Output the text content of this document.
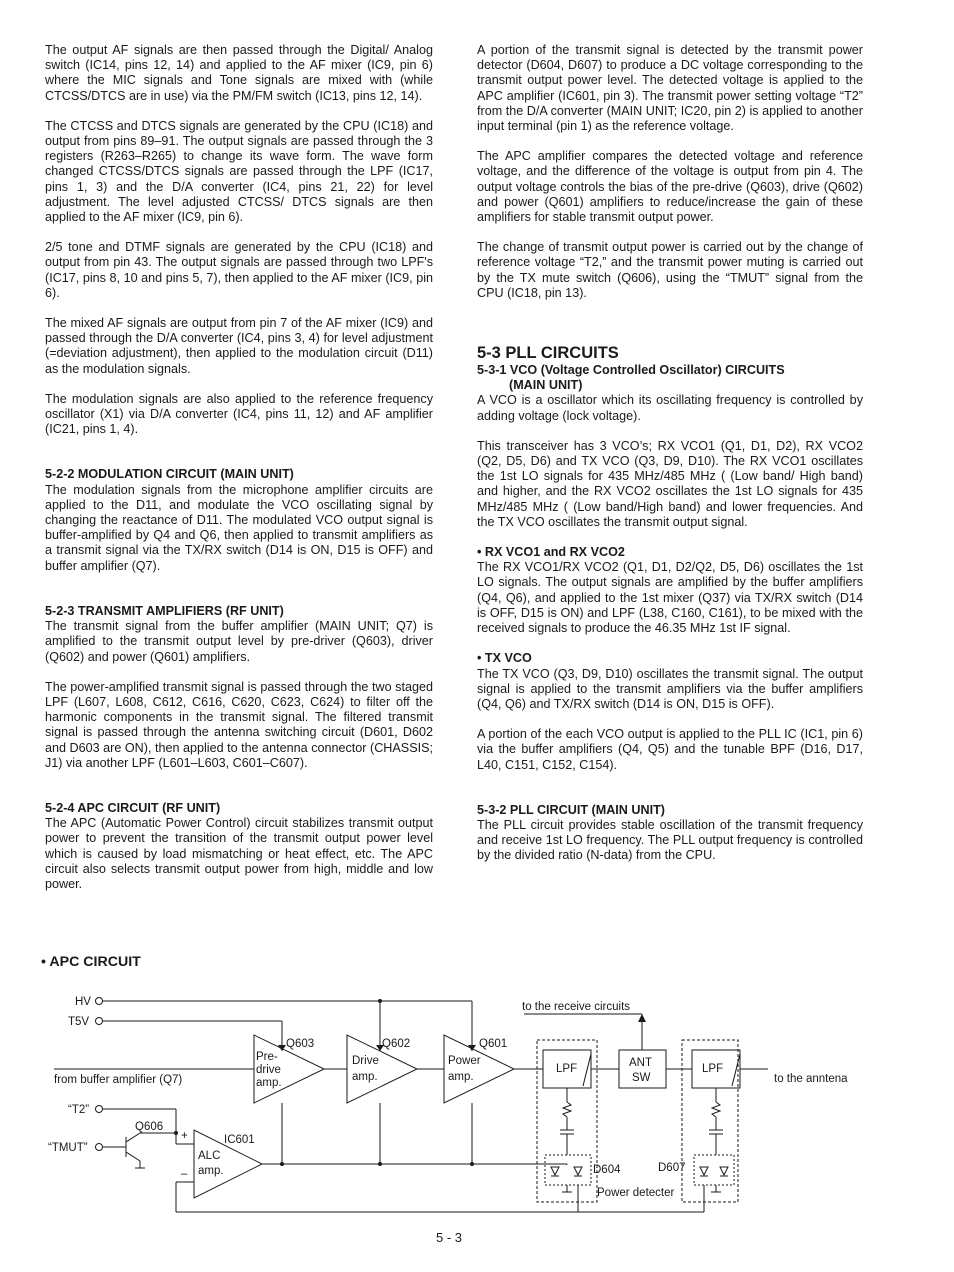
The output AF signals are then passed through the Digital/ Analog switch (IC14, pins 12, 14) and applied to the AF mixer (IC9, pin 6) where the MIC signals and Tone signals are mixed with (while CTCSS/DTCS are in use) via the PM/FM switch (IC13, pins 12, 14).

The CTCSS and DTCS signals are generated by the CPU (IC18) and output from pins 89–91. The output signals are passed through the 3 registers (R263–R265) to change its wave form. The wave form changed CTCSS/DTCS signals are passed through the LPF (IC17, pins 1, 3) and the D/A converter (IC4, pins 21, 22) for level adjustment. The level adjusted CTCSS/ DTCS signals are then applied to the AF mixer (IC9, pin 6).

2/5 tone and DTMF signals are generated by the CPU (IC18) and output from pin 43. The output signals are passed through two LPF's (IC17, pins 8, 10 and pins 5, 7), then applied to the AF mixer (IC9, pin 6).

The mixed AF signals are output from pin 7 of the AF mixer (IC9) and passed through the D/A converter (IC4, pins 3, 4) for level adjustment (=deviation adjustment), then applied to the modulation circuit (D11) as the modulation signals.

The modulation signals are also applied to the reference frequency oscillator (X1) via D/A converter (IC4, pins 11, 12) and AF amplifier (IC21, pins 1, 4).

5-2-2 MODULATION CIRCUIT (MAIN UNIT)

The modulation signals from the microphone amplifier circuits are applied to the D11, and modulate the VCO oscillating signal by changing the reactance of D11. The modulated VCO output signal is buffer-amplified by Q4 and Q6, then applied to transmit amplifiers as a transmit signal via the TX/RX switch (D14 is ON, D15 is OFF) and buffer amplifier (Q7).

5-2-3 TRANSMIT AMPLIFIERS (RF UNIT)

The transmit signal from the buffer amplifier (MAIN UNIT; Q7) is amplified to the transmit output level by pre-driver (Q603), driver (Q602) and power (Q601) amplifiers.

The power-amplified transmit signal is passed through the two staged LPF (L607, L608, C612, C616, C620, C623, C624) to filter off the harmonic components in the transmit signal. The filtered transmit signal is passed through the antenna switching circuit (D601, D602 and D603 are ON), then applied to the antenna connector (CHASSIS; J1) via another LPF (L601–L603, C601–C607).

5-2-4 APC CIRCUIT (RF UNIT)

The APC (Automatic Power Control) circuit stabilizes transmit output power to prevent the transition of the transmit output power level which is caused by load mismatching or heat effect, etc. The APC circuit also selects transmit output power from high, middle and low power.

A portion of the transmit signal is detected by the transmit power detector (D604, D607) to produce a DC voltage corresponding to the transmit output power level. The detected voltage is applied to the APC amplifier (IC601, pin 3). The transmit power setting voltage “T2” from the D/A converter (MAIN UNIT; IC20, pin 2) is applied to another input terminal (pin 1) as the reference voltage.

The APC amplifier compares the detected voltage and reference voltage, and the difference of the voltage is output from pin 4. The output voltage controls the bias of the pre-drive (Q603), drive (Q602) and power (Q601) amplifiers to reduce/increase the gain of these amplifiers for stable transmit output power.

The change of transmit output power is carried out by the change of reference voltage “T2,” and the transmit power muting is carried out by the TX mute switch (Q606), using the “TMUT” signal from the CPU (IC18, pin 13).

5-3 PLL CIRCUITS
5-3-1 VCO (Voltage Controlled Oscillator) CIRCUITS
(MAIN UNIT)

A VCO is a oscillator which its oscillating frequency is controlled by adding voltage (lock voltage).

This transceiver has 3 VCO’s; RX VCO1 (Q1, D1, D2), RX VCO2 (Q2, D5, D6) and TX VCO (Q3, D9, D10). The RX VCO1 oscillates the 1st LO signals for 435 MHz/485 MHz ( (Low band/ High band) and higher, and the RX VCO2 oscillates the 1st LO signals for 435 MHz/485 MHz ( (Low band/High band) and lower frequencies. And the TX VCO oscillates the transmit output signal.

• RX VCO1 and RX VCO2

The RX VCO1/RX VCO2 (Q1, D1, D2/Q2, D5, D6) oscillates the 1st LO signals. The output signals are amplified by the buffer amplifiers (Q4, Q6), and applied to the 1st mixer (Q37) via TX/RX switch (D14 is OFF, D15 is ON) and LPF (L38, C160, C161), to be mixed with the received signals to produce the 46.35 MHz 1st IF signal.

• TX VCO

The TX VCO (Q3, D9, D10) oscillates the transmit signal. The output signal is applied to the transmit amplifiers via the buffer amplifiers (Q4, Q6) and TX/RX switch (D14 is ON, D15 is OFF).

A portion of the each VCO output is applied to the PLL IC (IC1, pin 6) via the buffer amplifiers (Q4, Q5) and the tunable BPF (D16, D17, L40, C151, C152, C154).

5-3-2 PLL CIRCUIT (MAIN UNIT)

The PLL circuit provides stable oscillation of the transmit frequency and receive 1st LO frequency. The PLL output frequency is controlled by the divided ratio (N-data) from the CPU.

• APC CIRCUIT
HV
T5V
from buffer amplifier (Q7)
“T2”
“TMUT”
Q606
IC601
+
–
ALC
amp.
Q603
Pre-
drive
amp.
Q602
Drive
amp.
Q601
Power
amp.
LPF	ANT
SW
LPF
to the receive circuits
to the anntena
D604	D607
Power detecter
5 - 3
